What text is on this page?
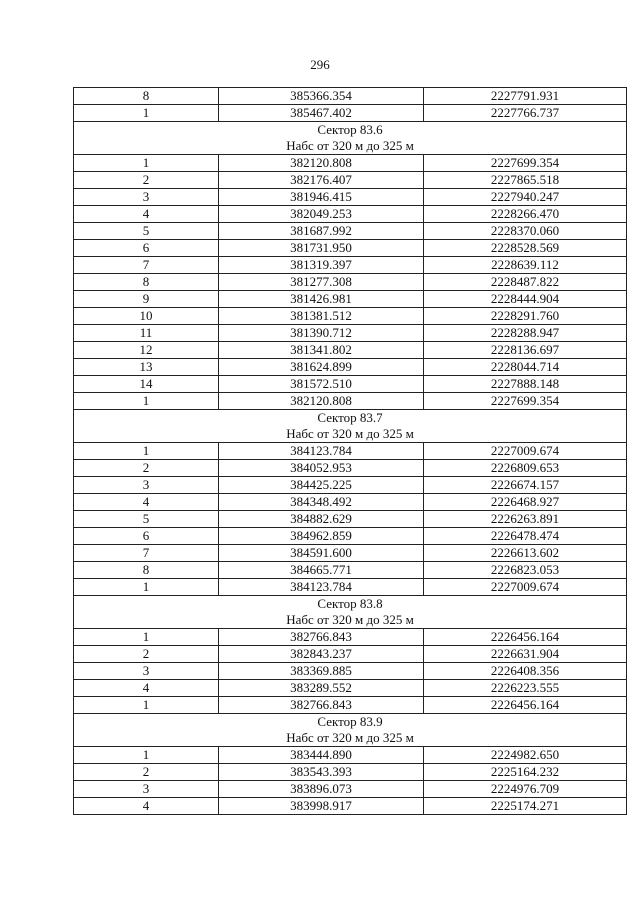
296
8	385366.354	2227791.931
1	385467.402	2227766.737

Сектор 83.6
Набс от 320 м до 325 м		

1	382120.808	2227699.354
2	382176.407	2227865.518
3	381946.415	2227940.247
4	382049.253	2228266.470
5	381687.992	2228370.060
6	381731.950	2228528.569
7	381319.397	2228639.112
8	381277.308	2228487.822
9	381426.981	2228444.904
10	381381.512	2228291.760
11	381390.712	2228288.947
12	381341.802	2228136.697
13	381624.899	2228044.714
14	381572.510	2227888.148
1	382120.808	2227699.354

Сектор 83.7
Набс от 320 м до 325 м		

1	384123.784	2227009.674
2	384052.953	2226809.653
3	384425.225	2226674.157
4	384348.492	2226468.927
5	384882.629	2226263.891
6	384962.859	2226478.474
7	384591.600	2226613.602
8	384665.771	2226823.053
1	384123.784	2227009.674

Сектор 83.8
Набс от 320 м до 325 м		

1	382766.843	2226456.164
2	382843.237	2226631.904
3	383369.885	2226408.356
4	383289.552	2226223.555
1	382766.843	2226456.164

Сектор 83.9
Набс от 320 м до 325 м		

1	383444.890	2224982.650
2	383543.393	2225164.232
3	383896.073	2224976.709
4	383998.917	2225174.271
